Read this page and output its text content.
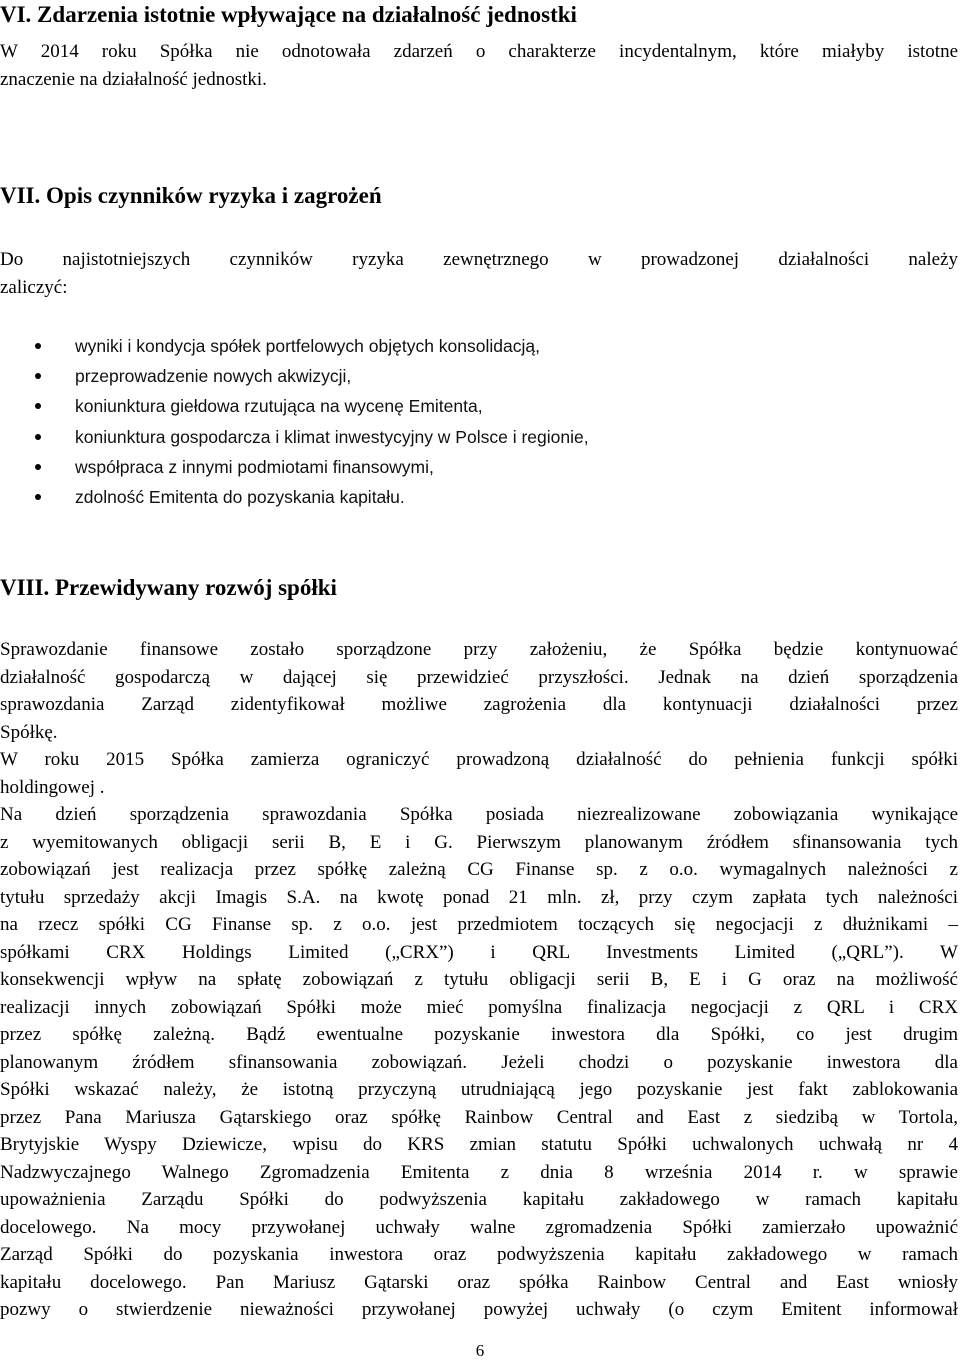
VI. Zdarzenia istotnie wpływające na działalność jednostki

W 2014 roku Spółka nie odnotowała zdarzeń o charakterze incydentalnym, które miałyby istotne
znaczenie na działalność jednostki.

VII. Opis czynników ryzyka i zagrożeń

Do najistotniejszych czynników ryzyka zewnętrznego w prowadzonej działalności należy
zaliczyć:

wyniki i kondycja spółek portfelowych objętych konsolidacją,
przeprowadzenie nowych akwizycji,
koniunktura giełdowa rzutująca na wycenę Emitenta,
koniunktura gospodarcza i klimat inwestycyjny w Polsce i regionie,
współpraca z innymi podmiotami finansowymi,
zdolność Emitenta do pozyskania kapitału.
VIII. Przewidywany rozwój spółki

Sprawozdanie finansowe zostało sporządzone przy założeniu, że Spółka będzie kontynuować
działalność gospodarczą w dającej się przewidzieć przyszłości. Jednak na dzień sporządzenia
sprawozdania Zarząd zidentyfikował możliwe zagrożenia dla kontynuacji działalności przez
Spółkę.
W roku 2015 Spółka zamierza ograniczyć prowadzoną działalność do pełnienia funkcji spółki
holdingowej .
Na dzień sporządzenia sprawozdania Spółka posiada niezrealizowane zobowiązania wynikające
z wyemitowanych obligacji serii B, E i G. Pierwszym planowanym źródłem sfinansowania tych
zobowiązań jest realizacja przez spółkę zależną CG Finanse sp. z o.o. wymagalnych należności z
tytułu sprzedaży akcji Imagis S.A. na kwotę ponad 21 mln. zł, przy czym zapłata tych należności
na rzecz spółki CG Finanse sp. z o.o. jest przedmiotem toczących się negocjacji z dłużnikami –
spółkami CRX Holdings Limited („CRX”) i QRL Investments Limited („QRL”). W
konsekwencji wpływ na spłatę zobowiązań z tytułu obligacji serii B, E i G oraz na możliwość
realizacji innych zobowiązań Spółki może mieć pomyślna finalizacja negocjacji z QRL i CRX
przez spółkę zależną. Bądź ewentualne pozyskanie inwestora dla Spółki, co jest drugim
planowanym źródłem sfinansowania zobowiązań. Jeżeli chodzi o pozyskanie inwestora dla
Spółki wskazać należy, że istotną przyczyną utrudniającą jego pozyskanie jest fakt zablokowania
przez Pana Mariusza Gątarskiego oraz spółkę Rainbow Central and East z siedzibą w Tortola,
Brytyjskie Wyspy Dziewicze, wpisu do KRS zmian statutu Spółki uchwalonych uchwałą nr 4
Nadzwyczajnego Walnego Zgromadzenia Emitenta z dnia 8 września 2014 r. w sprawie
upoważnienia Zarządu Spółki do podwyższenia kapitału zakładowego w ramach kapitału
docelowego. Na mocy przywołanej uchwały walne zgromadzenia Spółki zamierzało upoważnić
Zarząd Spółki do pozyskania inwestora oraz podwyższenia kapitału zakładowego w ramach
kapitału docelowego. Pan Mariusz Gątarski oraz spółka Rainbow Central and East wniosły
pozwy o stwierdzenie nieważności przywołanej powyżej uchwały (o czym Emitent informował

6
